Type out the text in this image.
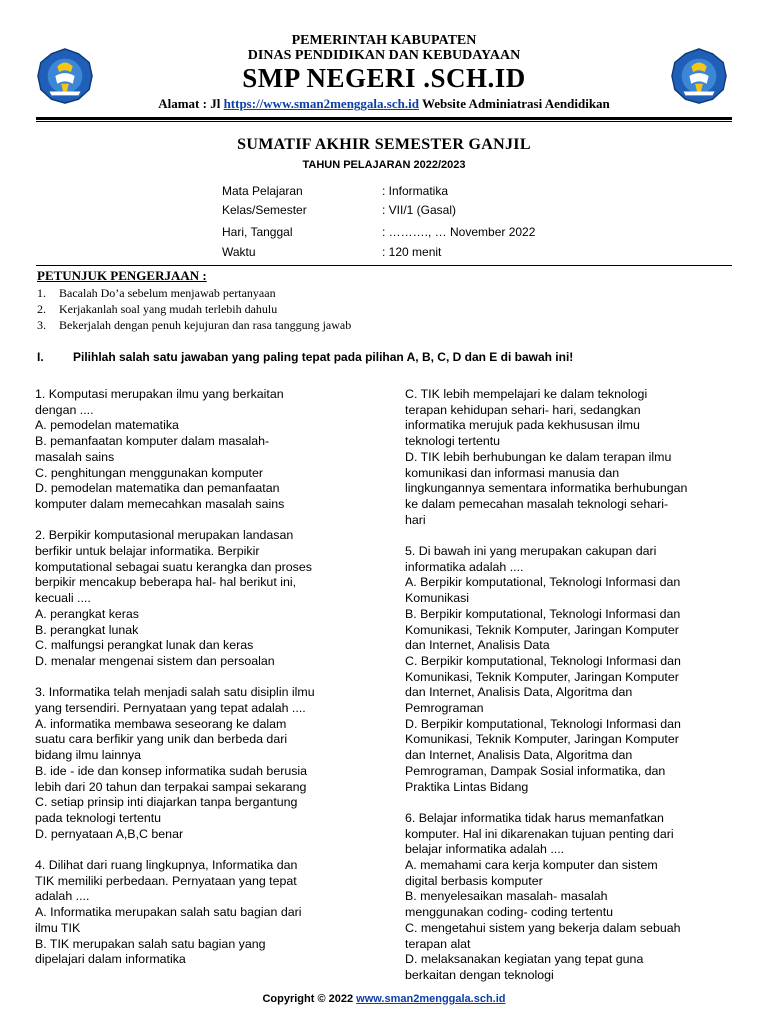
PEMERINTAH KABUPATEN
DINAS PENDIDIKAN DAN KEBUDAYAAN
SMP NEGERI .SCH.ID
Alamat : Jl https://www.sman2menggala.sch.id Website Adminiatrasi Aendidikan
SUMATIF AKHIR SEMESTER GANJIL
TAHUN PELAJARAN 2022/2023
Mata Pelajaran	: Informatika
Kelas/Semester	: VII/1 (Gasal)
Hari, Tanggal	: ………., … November 2022
Waktu	: 120 menit
PETUNJUK PENGERJAAN :
1. Bacalah Do’a sebelum menjawab pertanyaan
2. Kerjakanlah soal yang mudah terlebih dahulu
3. Bekerjalah dengan penuh kejujuran dan rasa tanggung jawab
I. Pilihlah salah satu jawaban yang paling tepat pada pilihan A, B, C, D dan E di bawah ini!
1. Komputasi merupakan ilmu yang berkaitan
dengan ....
A. pemodelan matematika
B. pemanfaatan komputer dalam masalah-
masalah sains
C. penghitungan menggunakan komputer
D. pemodelan matematika dan pemanfaatan
komputer dalam memecahkan masalah sains
2. Berpikir komputasional merupakan landasan
berfikir untuk belajar informatika. Berpikir
komputational sebagai suatu kerangka dan proses
berpikir mencakup beberapa hal- hal berikut ini,
kecuali ....
A. perangkat keras
B. perangkat lunak
C. malfungsi perangkat lunak dan keras
D. menalar mengenai sistem dan persoalan
3. Informatika telah menjadi salah satu disiplin ilmu
yang tersendiri. Pernyataan yang tepat adalah ....
A. informatika membawa seseorang ke dalam
suatu cara berfikir yang unik dan berbeda dari
bidang ilmu lainnya
B. ide - ide dan konsep informatika sudah berusia
lebih dari 20 tahun dan terpakai sampai sekarang
C. setiap prinsip inti diajarkan tanpa bergantung
pada teknologi tertentu
D. pernyataan A,B,C benar
4. Dilihat dari ruang lingkupnya, Informatika dan
TIK memiliki perbedaan. Pernyataan yang tepat
adalah ....
A. Informatika merupakan salah satu bagian dari
ilmu TIK
B. TIK merupakan salah satu bagian yang
dipelajari dalam informatika
C. TIK lebih mempelajari ke dalam teknologi
terapan kehidupan sehari- hari, sedangkan
informatika merujuk pada kekhususan ilmu
teknologi tertentu
D. TIK lebih berhubungan ke dalam terapan ilmu
komunikasi dan informasi manusia dan
lingkungannya sementara informatika berhubungan
ke dalam pemecahan masalah teknologi sehari-
hari
5. Di bawah ini yang merupakan cakupan dari
informatika adalah ....
A. Berpikir komputational, Teknologi Informasi dan
Komunikasi
B. Berpikir komputational, Teknologi Informasi dan
Komunikasi, Teknik Komputer, Jaringan Komputer
dan Internet, Analisis Data
C. Berpikir komputational, Teknologi Informasi dan
Komunikasi, Teknik Komputer, Jaringan Komputer
dan Internet, Analisis Data, Algoritma dan
Pemrograman
D. Berpikir komputational, Teknologi Informasi dan
Komunikasi, Teknik Komputer, Jaringan Komputer
dan Internet, Analisis Data, Algoritma dan
Pemrograman, Dampak Sosial informatika, dan
Praktika Lintas Bidang
6. Belajar informatika tidak harus memanfatkan
komputer. Hal ini dikarenakan tujuan penting dari
belajar informatika adalah ....
A. memahami cara kerja komputer dan sistem
digital berbasis komputer
B. menyelesaikan masalah- masalah
menggunakan coding- coding tertentu
C. mengetahui sistem yang bekerja dalam sebuah
terapan alat
D. melaksanakan kegiatan yang tepat guna
berkaitan dengan teknologi
Copyright © 2022 www.sman2menggala.sch.id
